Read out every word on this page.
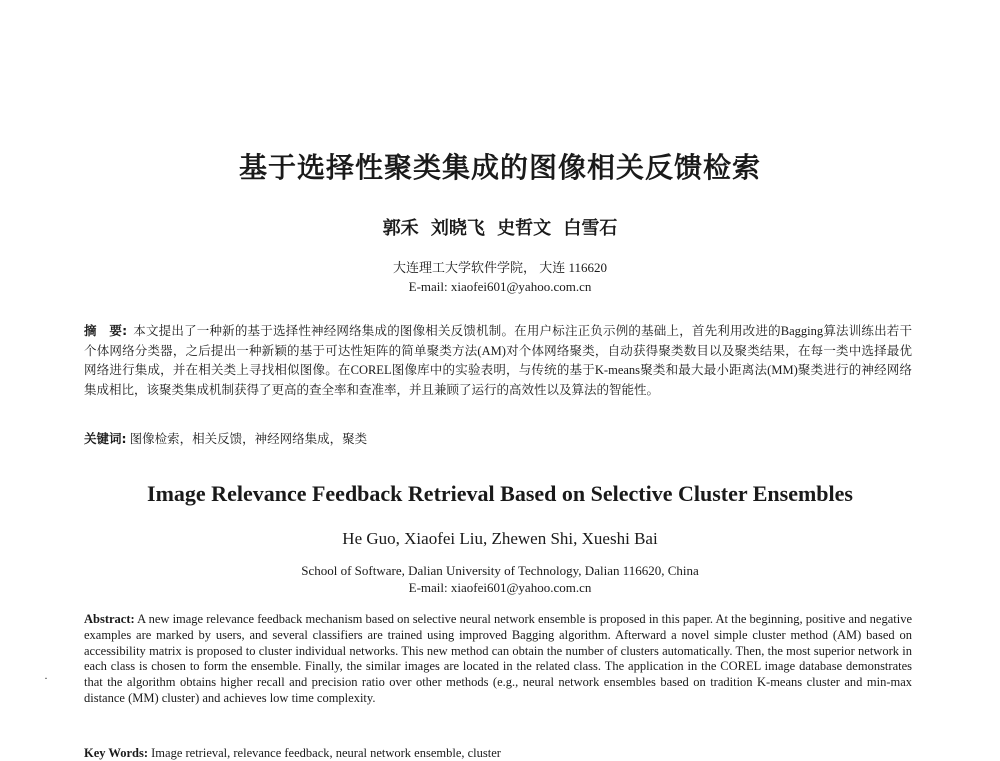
基于选择性聚类集成的图像相关反馈检索
郭禾 刘晓飞 史哲文 白雪石
大连理工大学软件学院， 大连 116620
E-mail: xiaofei601@yahoo.com.cn
摘　要: 本文提出了一种新的基于选择性神经网络集成的图像相关反馈机制。在用户标注正负示例的基础上，首先利用改进的Bagging算法训练出若干个体网络分类器，之后提出一种新颖的基于可达性矩阵的简单聚类方法(AM)对个体网络聚类，自动获得聚类数目以及聚类结果，在每一类中选择最优网络进行集成，并在相关类上寻找相似图像。在COREL图像库中的实验表明，与传统的基于K-means聚类和最大最小距离法(MM)聚类进行的神经网络集成相比，该聚类集成机制获得了更高的查全率和查准率，并且兼顾了运行的高效性以及算法的智能性。
关键词: 图像检索，相关反馈，神经网络集成，聚类
Image Relevance Feedback Retrieval Based on Selective Cluster Ensembles
He Guo, Xiaofei Liu, Zhewen Shi, Xueshi Bai
School of Software, Dalian University of Technology, Dalian 116620, China
E-mail: xiaofei601@yahoo.com.cn
·
Abstract: A new image relevance feedback mechanism based on selective neural network ensemble is proposed in this paper. At the beginning, positive and negative examples are marked by users, and several classifiers are trained using improved Bagging algorithm. Afterward a novel simple cluster method (AM) based on accessibility matrix is proposed to cluster individual networks. This new method can obtain the number of clusters automatically. Then, the most superior network in each class is chosen to form the ensemble. Finally, the similar images are located in the related class. The application in the COREL image database demonstrates that the algorithm obtains higher recall and precision ratio over other methods (e.g., neural network ensembles based on tradition K-means cluster and min-max distance (MM) cluster) and achieves low time complexity.
Key Words: Image retrieval, relevance feedback, neural network ensemble, cluster
